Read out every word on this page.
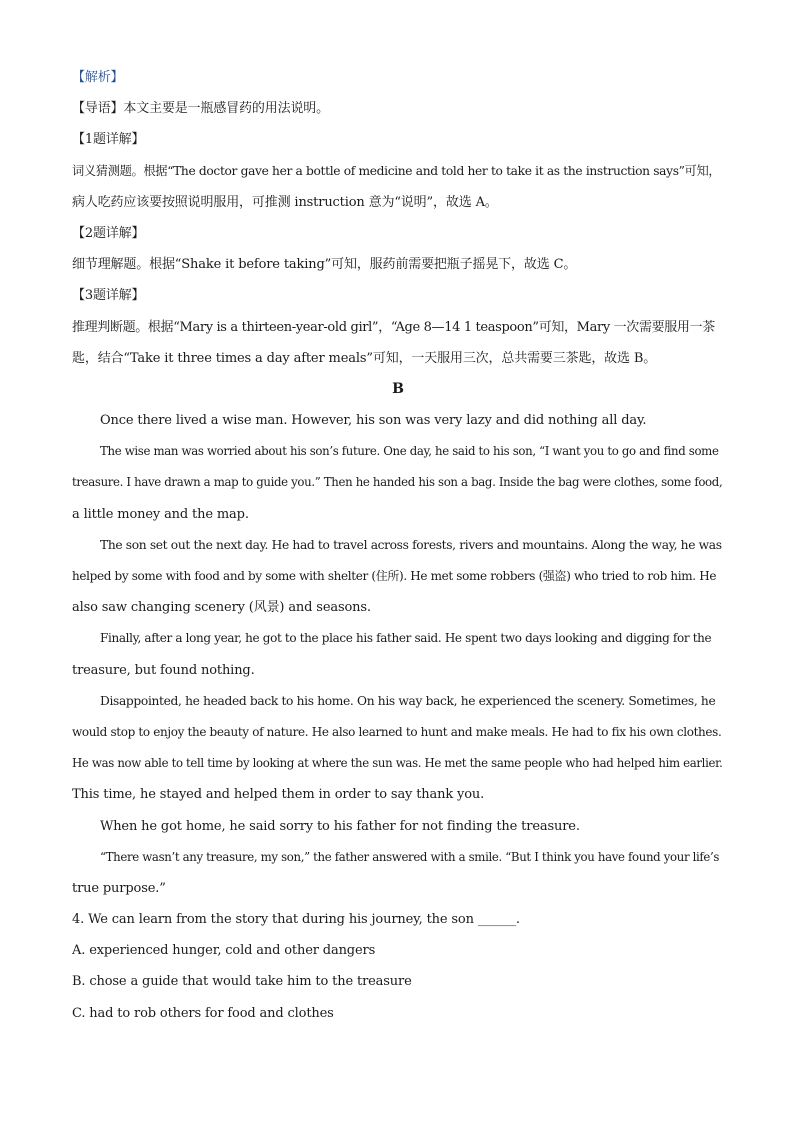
【解析】
【导语】本文主要是一瓶感冒药的用法说明。
【1题详解】
词义猜测题。根据“The doctor gave her a bottle of medicine and told her to take it as the instruction says”可知，
病人吃药应该要按照说明服用，可推测 instruction 意为“说明”，故选 A。
【2题详解】
细节理解题。根据“Shake it before taking”可知，服药前需要把瓶子摇晃下，故选 C。
【3题详解】
推理判断题。根据“Mary is a thirteen-year-old girl”，“Age 8—14 1 teaspoon”可知，Mary 一次需要服用一茶
匙，结合“Take it three times a day after meals”可知，一天服用三次，总共需要三茶匙，故选 B。
B
Once there lived a wise man. However, his son was very lazy and did nothing all day.
The wise man was worried about his son’s future. One day, he said to his son, “I want you to go and find some
treasure. I have drawn a map to guide you.” Then he handed his son a bag. Inside the bag were clothes, some food,
a little money and the map.
The son set out the next day. He had to travel across forests, rivers and mountains. Along the way, he was
helped by some with food and by some with shelter (住所). He met some robbers (强盗) who tried to rob him. He
also saw changing scenery (风景) and seasons.
Finally, after a long year, he got to the place his father said. He spent two days looking and digging for the
treasure, but found nothing.
Disappointed, he headed back to his home. On his way back, he experienced the scenery. Sometimes, he
would stop to enjoy the beauty of nature. He also learned to hunt and make meals. He had to fix his own clothes.
He was now able to tell time by looking at where the sun was. He met the same people who had helped him earlier.
This time, he stayed and helped them in order to say thank you.
When he got home, he said sorry to his father for not finding the treasure.
“There wasn’t any treasure, my son,” the father answered with a smile. “But I think you have found your life’s
true purpose.”
4. We can learn from the story that during his journey, the son ______.
A. experienced hunger, cold and other dangers
B. chose a guide that would take him to the treasure
C. had to rob others for food and clothes
